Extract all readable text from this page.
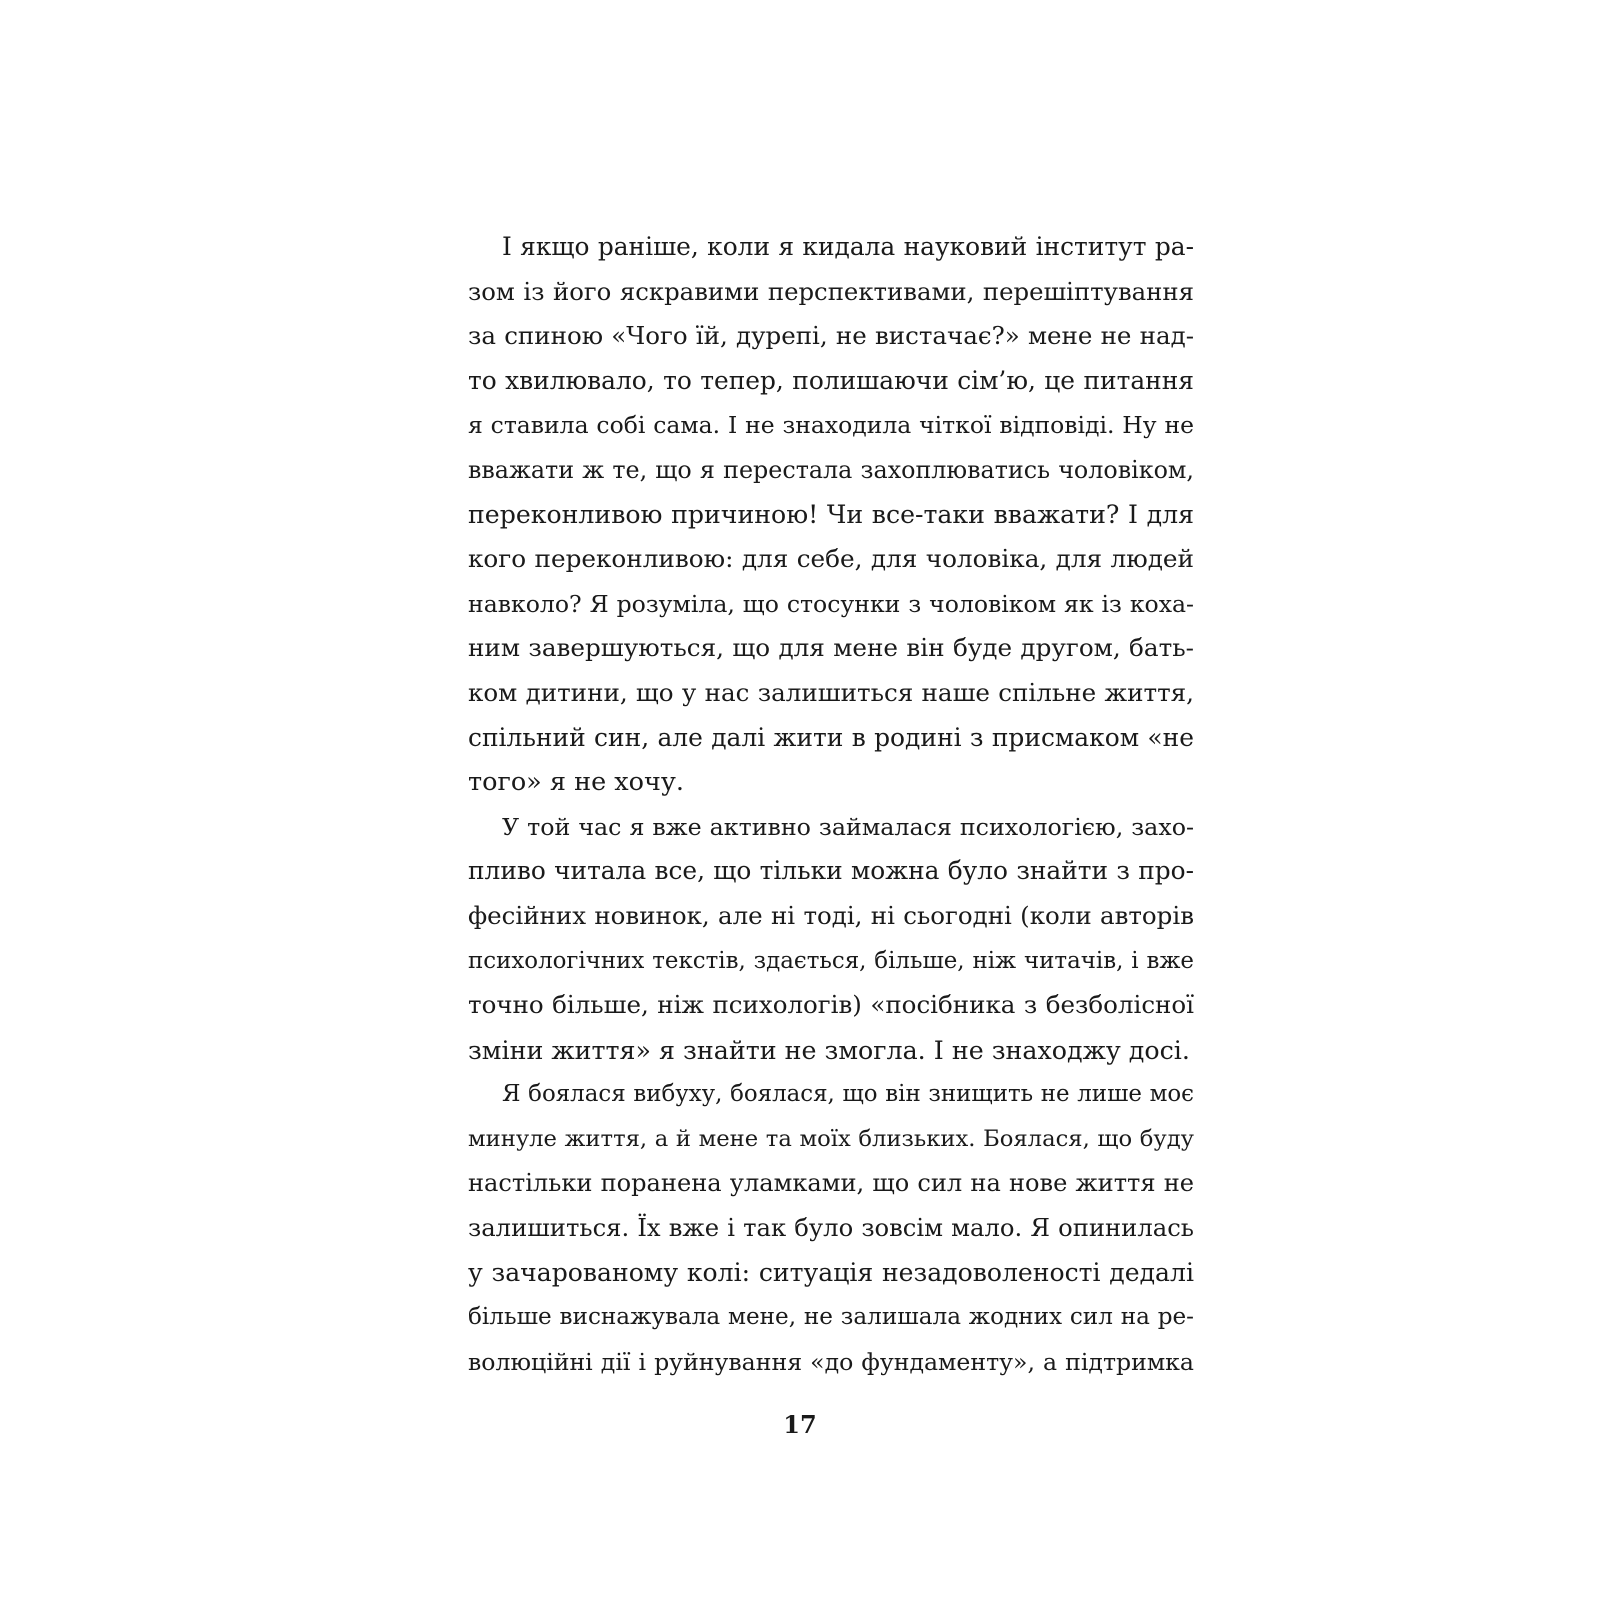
І якщо раніше, коли я кидала науковий інститут ра-
зом із його яскравими перспективами, перешіптування
за спиною «Чого їй, дурепі, не вистачає?» мене не над-
то хвилювало, то тепер, полишаючи сім’ю, це питання
я ставила собі сама. І не знаходила чіткої відповіді. Ну не
вважати ж те, що я перестала захоплюватись чоловіком,
переконливою причиною! Чи все-таки вважати? І для
кого переконливою: для себе, для чоловіка, для людей
навколо? Я розуміла, що стосунки з чоловіком як із коха-
ним завершуються, що для мене він буде другом, бать-
ком дитини, що у нас залишиться наше спільне життя,
спільний син, але далі жити в родині з присмаком «не
того» я не хочу.
У той час я вже активно займалася психологією, захо-
пливо читала все, що тільки можна було знайти з про-
фесійних новинок, але ні тоді, ні сьогодні (коли авторів
психологічних текстів, здається, більше, ніж читачів, і вже
точно більше, ніж психологів) «посібника з безболісної
зміни життя» я знайти не змогла. І не знаходжу досі.
Я боялася вибуху, боялася, що він знищить не лише моє
минуле життя, а й мене та моїх близьких. Боялася, що буду
настільки поранена уламками, що сил на нове життя не
залишиться. Їх вже і так було зовсім мало. Я опинилась
у зачарованому колі: ситуація незадоволеності дедалі
більше виснажувала мене, не залишала жодних сил на ре-
волюційні дії і руйнування «до фундаменту», а підтримка
17
